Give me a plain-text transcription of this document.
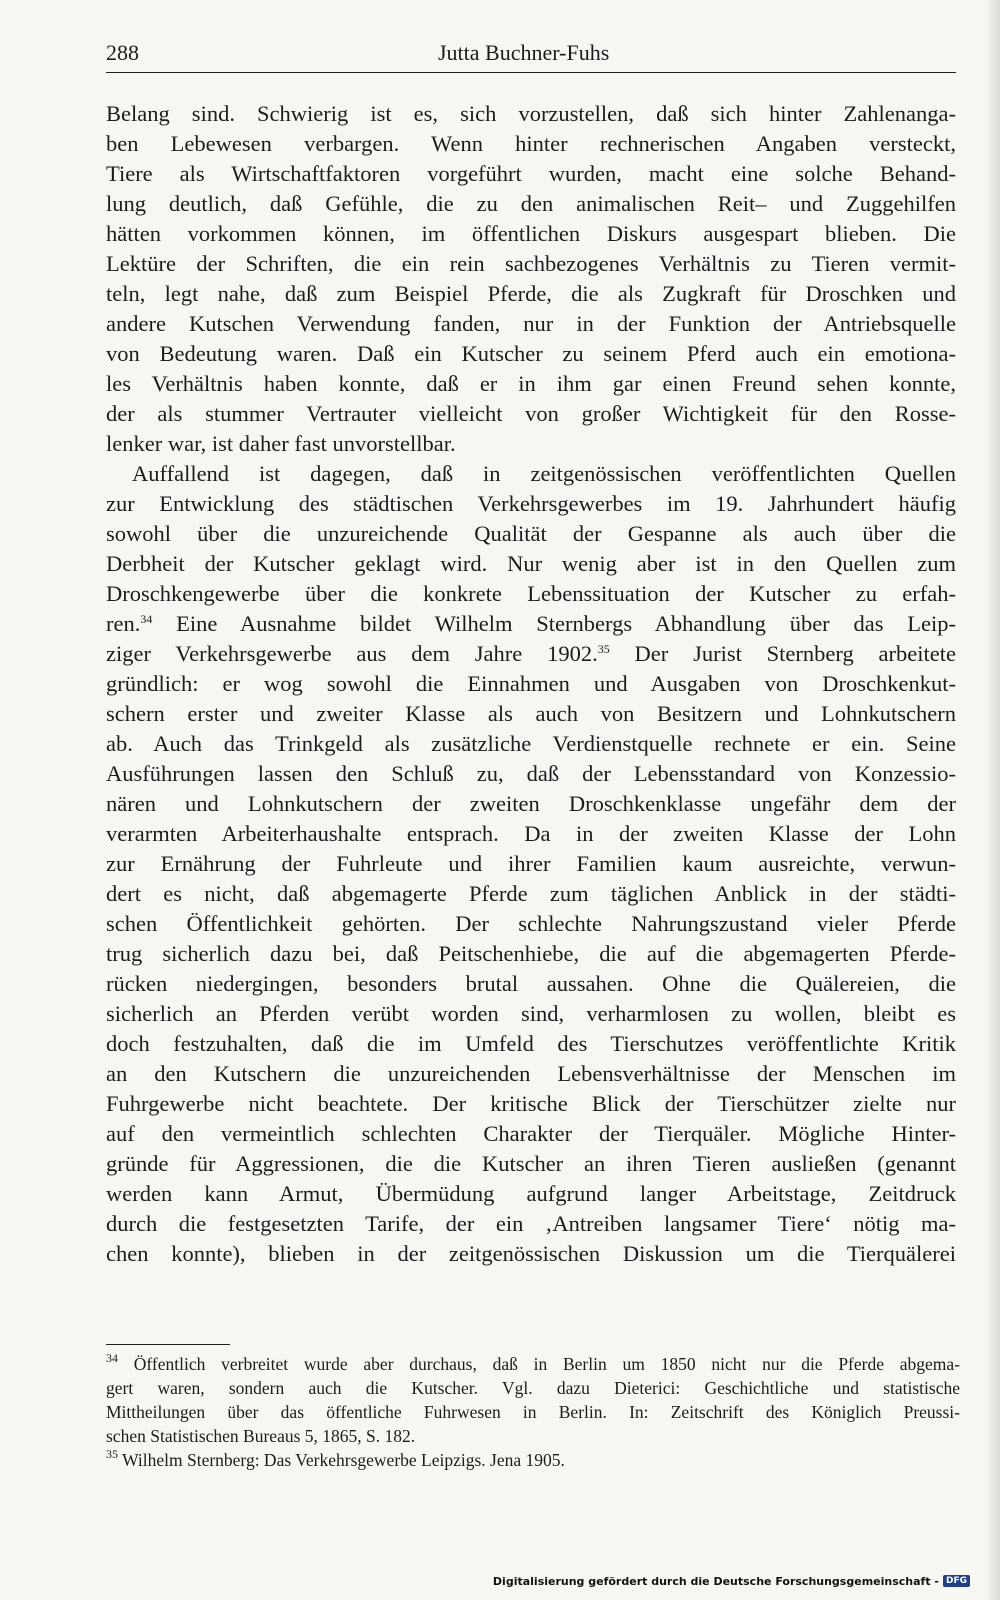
288	Jutta Buchner-Fuhs
Belang sind. Schwierig ist es, sich vorzustellen, daß sich hinter Zahlenanga-
ben Lebewesen verbargen. Wenn hinter rechnerischen Angaben versteckt,
Tiere als Wirtschaftfaktoren vorgeführt wurden, macht eine solche Behand-
lung deutlich, daß Gefühle, die zu den animalischen Reit– und Zuggehilfen
hätten vorkommen können, im öffentlichen Diskurs ausgespart blieben. Die
Lektüre der Schriften, die ein rein sachbezogenes Verhältnis zu Tieren vermit-
teln, legt nahe, daß zum Beispiel Pferde, die als Zugkraft für Droschken und
andere Kutschen Verwendung fanden, nur in der Funktion der Antriebsquelle
von Bedeutung waren. Daß ein Kutscher zu seinem Pferd auch ein emotiona-
les Verhältnis haben konnte, daß er in ihm gar einen Freund sehen konnte,
der als stummer Vertrauter vielleicht von großer Wichtigkeit für den Rosse-
lenker war, ist daher fast unvorstellbar.
Auffallend ist dagegen, daß in zeitgenössischen veröffentlichten Quellen
zur Entwicklung des städtischen Verkehrsgewerbes im 19. Jahrhundert häufig
sowohl über die unzureichende Qualität der Gespanne als auch über die
Derbheit der Kutscher geklagt wird. Nur wenig aber ist in den Quellen zum
Droschkengewerbe über die konkrete Lebenssituation der Kutscher zu erfah-
ren.$^{34}$ Eine Ausnahme bildet Wilhelm Sternbergs Abhandlung über das Leip-
ziger Verkehrsgewerbe aus dem Jahre 1902.35 Der Jurist Sternberg arbeitete
gründlich: er wog sowohl die Einnahmen und Ausgaben von Droschkenkut-
schern erster und zweiter Klasse als auch von Besitzern und Lohnkutschern
ab. Auch das Trinkgeld als zusätzliche Verdienstquelle rechnete er ein. Seine
Ausführungen lassen den Schluß zu, daß der Lebensstandard von Konzessio-
nären und Lohnkutschern der zweiten Droschkenklasse ungefähr dem der
verarmten Arbeiterhaushalte entsprach. Da in der zweiten Klasse der Lohn
zur Ernährung der Fuhrleute und ihrer Familien kaum ausreichte, verwun-
dert es nicht, daß abgemagerte Pferde zum täglichen Anblick in der städti-
schen Öffentlichkeit gehörten. Der schlechte Nahrungszustand vieler Pferde
trug sicherlich dazu bei, daß Peitschenhiebe, die auf die abgemagerten Pferde-
rücken niedergingen, besonders brutal aussahen. Ohne die Quälereien, die
sicherlich an Pferden verübt worden sind, verharmlosen zu wollen, bleibt es
doch festzuhalten, daß die im Umfeld des Tierschutzes veröffentlichte Kritik
an den Kutschern die unzureichenden Lebensverhältnisse der Menschen im
Fuhrgewerbe nicht beachtete. Der kritische Blick der Tierschützer zielte nur
auf den vermeintlich schlechten Charakter der Tierquäler. Mögliche Hinter-
gründe für Aggressionen, die die Kutscher an ihren Tieren ausließen (genannt
werden kann Armut, Übermüdung aufgrund langer Arbeitstage, Zeitdruck
durch die festgesetzten Tarife, der ein ‚Antreiben langsamer Tiere‘ nötig ma-
chen konnte), blieben in der zeitgenössischen Diskussion um die Tierquälerei
$^{34}$ Öffentlich verbreitet wurde aber durchaus, daß in Berlin um 1850 nicht nur die Pferde abgema-
gert waren, sondern auch die Kutscher. Vgl. dazu Dieterici: Geschichtliche und statistische
Mittheilungen über das öffentliche Fuhrwesen in Berlin. In: Zeitschrift des Königlich Preussi-
schen Statistischen Bureaus 5, 1865, S. 182.
$^{35}$ Wilhelm Sternberg: Das Verkehrsgewerbe Leipzigs. Jena 1905.
Digitalisierung gefördert durch die Deutsche Forschungsgemeinschaft - DFG
